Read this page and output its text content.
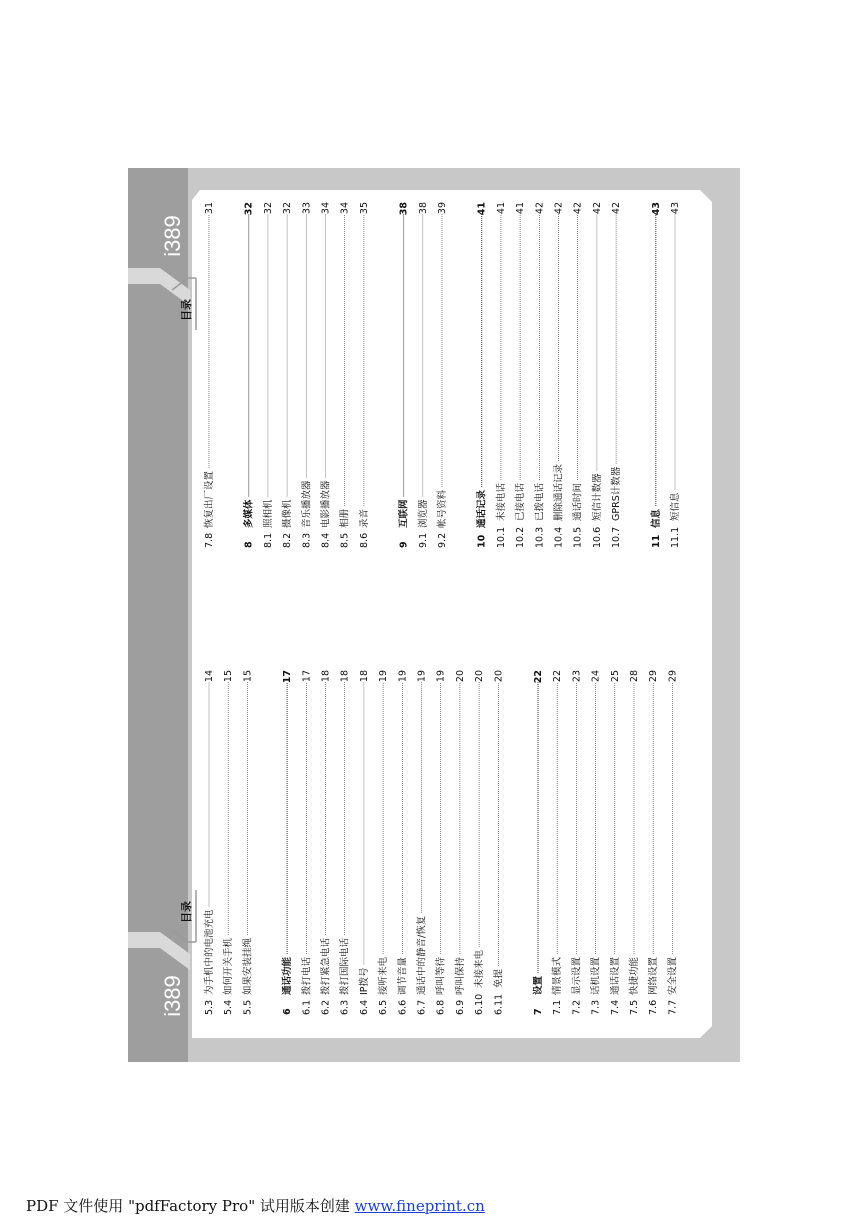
i389
i389
目录
目录
5.3
为手机中的电池充电
14
5.4
如何开关手机
15
5.5
如果安装挂绳
15
6
通话功能
17
6.1
拨打电话
17
6.2
拨打紧急电话
18
6.3
拨打国际电话
18
6.4
IP拨号
18
6.5
接听来电
19
6.6
调节音量
19
6.7
通话中的静音/恢复
19
6.8
呼叫等待
19
6.9
呼叫保持
20
6.10
未接来电
20
6.11
免提
20
7
设置
22
7.1
情景模式
22
7.2
显示设置
23
7.3
话机设置
24
7.4
通话设置
25
7.5
快捷功能
28
7.6
网络设置
29
7.7
安全设置
29
7.8
恢复出厂设置
31
8
多媒体
32
8.1
照相机
32
8.2
摄像机
32
8.3
音乐播放器
33
8.4
电影播放器
34
8.5
相册
34
8.6
录音
35
9
互联网
38
9.1
浏览器
38
9.2
帐号资料
39
10
通话记录
41
10.1
未接电话
41
10.2
已接电话
41
10.3
已拨电话
42
10.4
删除通话记录
42
10.5
通话时间
42
10.6
短信计数器
42
10.7
GPRS计数器
42
11
信息
43
11.1
短信息
43
PDF 文件使用 "pdfFactory Pro" 试用版本创建 www.fineprint.cn
